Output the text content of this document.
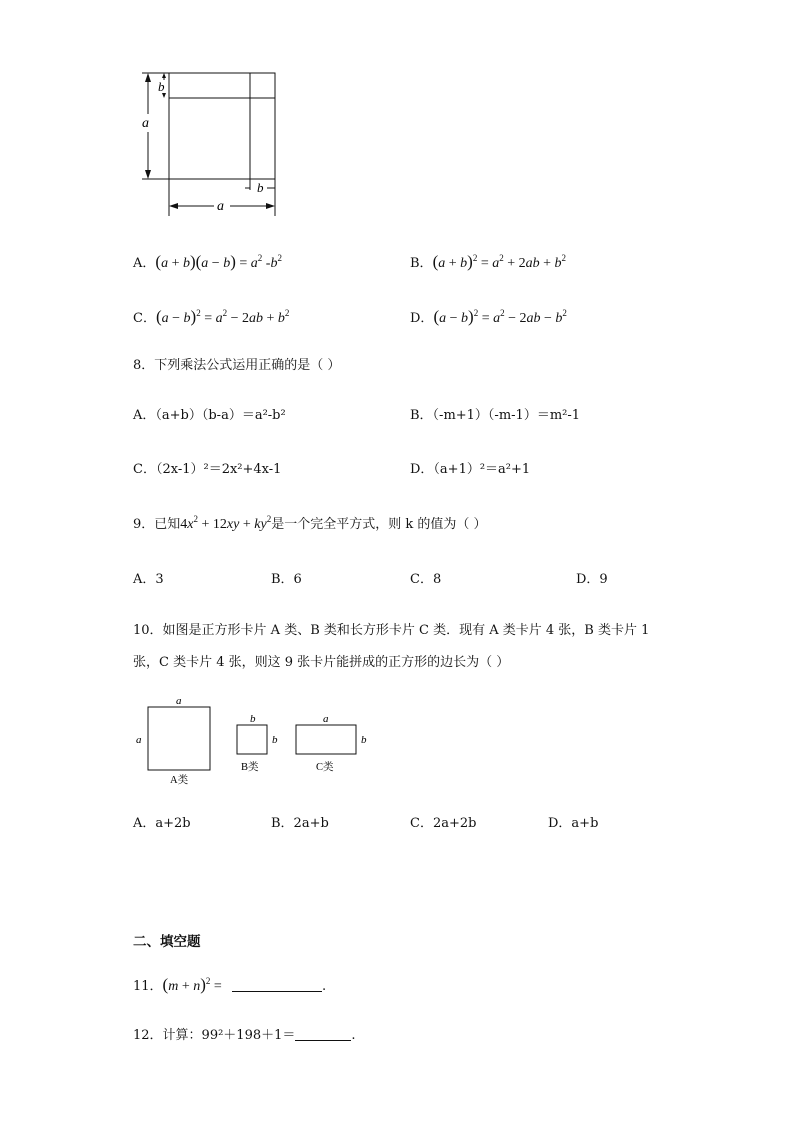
b
a
b
a
A．$(a + b)(a - b) = a^2$ $-b^2$	B．$(a + b)^2 = a^2 + 2ab + b^2$
C．$(a - b)^2 = a^2 - 2ab + b^2$	D．$(a - b)^2 = a^2 - 2ab - b^2$
8．下列乘法公式运用正确的是（ ）
A．（a+b）（b-a）＝a²-b²	B．（-m+1）（-m-1）＝m²-1
C．（2x-1）²＝2x²+4x-1	D．（a+1）²＝a²+1
9．已知$4x^2 + 12xy + ky^2$是一个完全平方式，则 k 的值为（ ）
A．3	B．6	C．8	D．9
10．如图是正方形卡片 A 类、B 类和长方形卡片 C 类．现有 A 类卡片 4 张，B 类卡片 1
张，C 类卡片 4 张，则这 9 张卡片能拼成的正方形的边长为（ ）
a
a
A类
b
b
B类
a
b
C类
A．a+2b	B．2a+b	C．2a+2b	D．a+b
二、填空题
11．$(m + n)^2$ =	.
12．计算：99²＋198＋1＝	.
